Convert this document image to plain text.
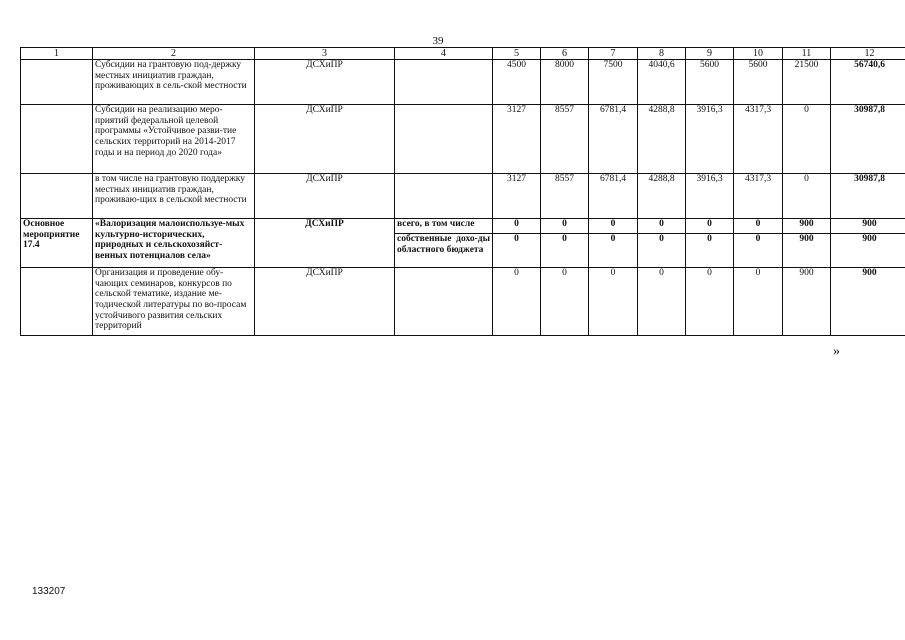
39
1	2	3	4	5	6	7	8	9	10	11	12
	Субсидии на грантовую под-держку местных инициатив граждан, проживающих в сель-ской местности	ДСХиПР		4500	8000	7500	4040,6	5600	5600	21500	56740,6
	Субсидии на реализацию меро-приятий федеральной целевой программы «Устойчивое разви-тие сельских территорий на 2014-2017 годы и на период до 2020 года»	ДСХиПР		3127	8557	6781,4	4288,8	3916,3	4317,3	0	30987,8
	в том числе на грантовую поддержку местных инициатив граждан, проживаю-щих в сельской местности	ДСХиПР		3127	8557	6781,4	4288,8	3916,3	4317,3	0	30987,8
Основное мероприятие 17.4	«Валоризация малоиспользуе-мых культурно-исторических, природных и сельскохозяйст-венных потенциалов села»	ДСХиПР	всего, в том числе	0	0	0	0	0	0	900	900
			собственные дохо-ды областного бюджета	0	0	0	0	0	0	900	900
	Организация и проведение обу-чающих семинаров, конкурсов по сельской тематике, издание ме-тодической литературы по во-просам устойчивого развития сельских территорий	ДСХиПР		0	0	0	0	0	0	900	900
»
133207
